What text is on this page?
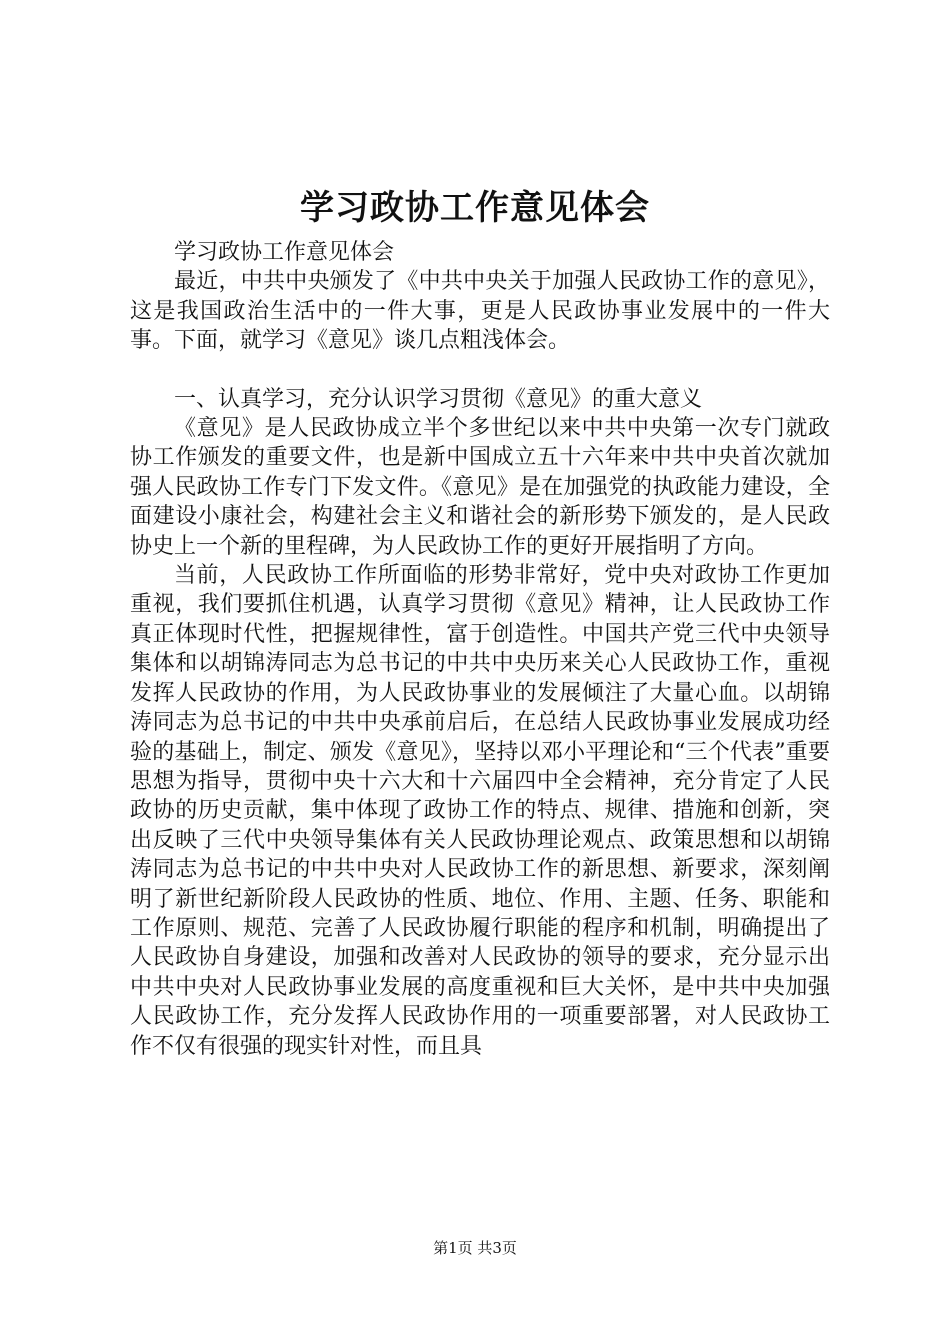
学习政协工作意见体会

学习政协工作意见体会

最近，中共中央颁发了《中共中央关于加强人民政协工作的意见》，这是我国政治生活中的一件大事，更是人民政协事业发展中的一件大事。下面，就学习《意见》谈几点粗浅体会。

一、认真学习，充分认识学习贯彻《意见》的重大意义

《意见》是人民政协成立半个多世纪以来中共中央第一次专门就政协工作颁发的重要文件，也是新中国成立五十六年来中共中央首次就加强人民政协工作专门下发文件。《意见》是在加强党的执政能力建设，全面建设小康社会，构建社会主义和谐社会的新形势下颁发的，是人民政协史上一个新的里程碑，为人民政协工作的更好开展指明了方向。

当前，人民政协工作所面临的形势非常好，党中央对政协工作更加重视，我们要抓住机遇，认真学习贯彻《意见》精神，让人民政协工作真正体现时代性，把握规律性，富于创造性。中国共产党三代中央领导集体和以胡锦涛同志为总书记的中共中央历来关心人民政协工作，重视发挥人民政协的作用，为人民政协事业的发展倾注了大量心血。以胡锦涛同志为总书记的中共中央承前启后，在总结人民政协事业发展成功经验的基础上，制定、颁发《意见》，坚持以邓小平理论和“三个代表”重要思想为指导，贯彻中央十六大和十六届四中全会精神，充分肯定了人民政协的历史贡献，集中体现了政协工作的特点、规律、措施和创新，突出反映了三代中央领导集体有关人民政协理论观点、政策思想和以胡锦涛同志为总书记的中共中央对人民政协工作的新思想、新要求，深刻阐明了新世纪新阶段人民政协的性质、地位、作用、主题、任务、职能和工作原则、规范、完善了人民政协履行职能的程序和机制，明确提出了人民政协自身建设，加强和改善对人民政协的领导的要求，充分显示出中共中央对人民政协事业发展的高度重视和巨大关怀，是中共中央加强人民政协工作，充分发挥人民政协作用的一项重要部署，对人民政协工作不仅有很强的现实针对性，而且具

第1页 共3页
